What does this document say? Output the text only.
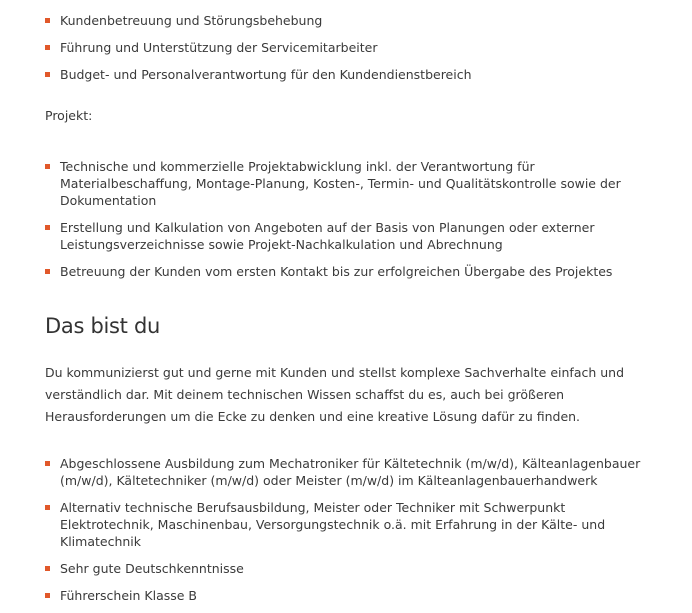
Kundenbetreuung und Störungsbehebung
Führung und Unterstützung der Servicemitarbeiter
Budget- und Personalverantwortung für den Kundendienstbereich

Projekt:

Technische und kommerzielle Projektabwicklung inkl. der Verantwortung für Materialbeschaffung, Montage-Planung, Kosten-, Termin- und Qualitätskontrolle sowie der Dokumentation
Erstellung und Kalkulation von Angeboten auf der Basis von Planungen oder externer Leistungsverzeichnisse sowie Projekt-Nachkalkulation und Abrechnung
Betreuung der Kunden vom ersten Kontakt bis zur erfolgreichen Übergabe des Projektes
Das bist du

Du kommunizierst gut und gerne mit Kunden und stellst komplexe Sachverhalte einfach und verständlich dar. Mit deinem technischen Wissen schaffst du es, auch bei größeren Herausforderungen um die Ecke zu denken und eine kreative Lösung dafür zu finden.

Abgeschlossene Ausbildung zum Mechatroniker für Kältetechnik (m/w/d), Kälteanlagenbauer (m/w/d), Kältetechniker (m/w/d) oder Meister (m/w/d) im Kälteanlagenbauerhandwerk
Alternativ technische Berufsausbildung, Meister oder Techniker mit Schwerpunkt Elektrotechnik, Maschinenbau, Versorgungstechnik o.ä. mit Erfahrung in der Kälte- und Klimatechnik
Sehr gute Deutschkenntnisse
Führerschein Klasse B
